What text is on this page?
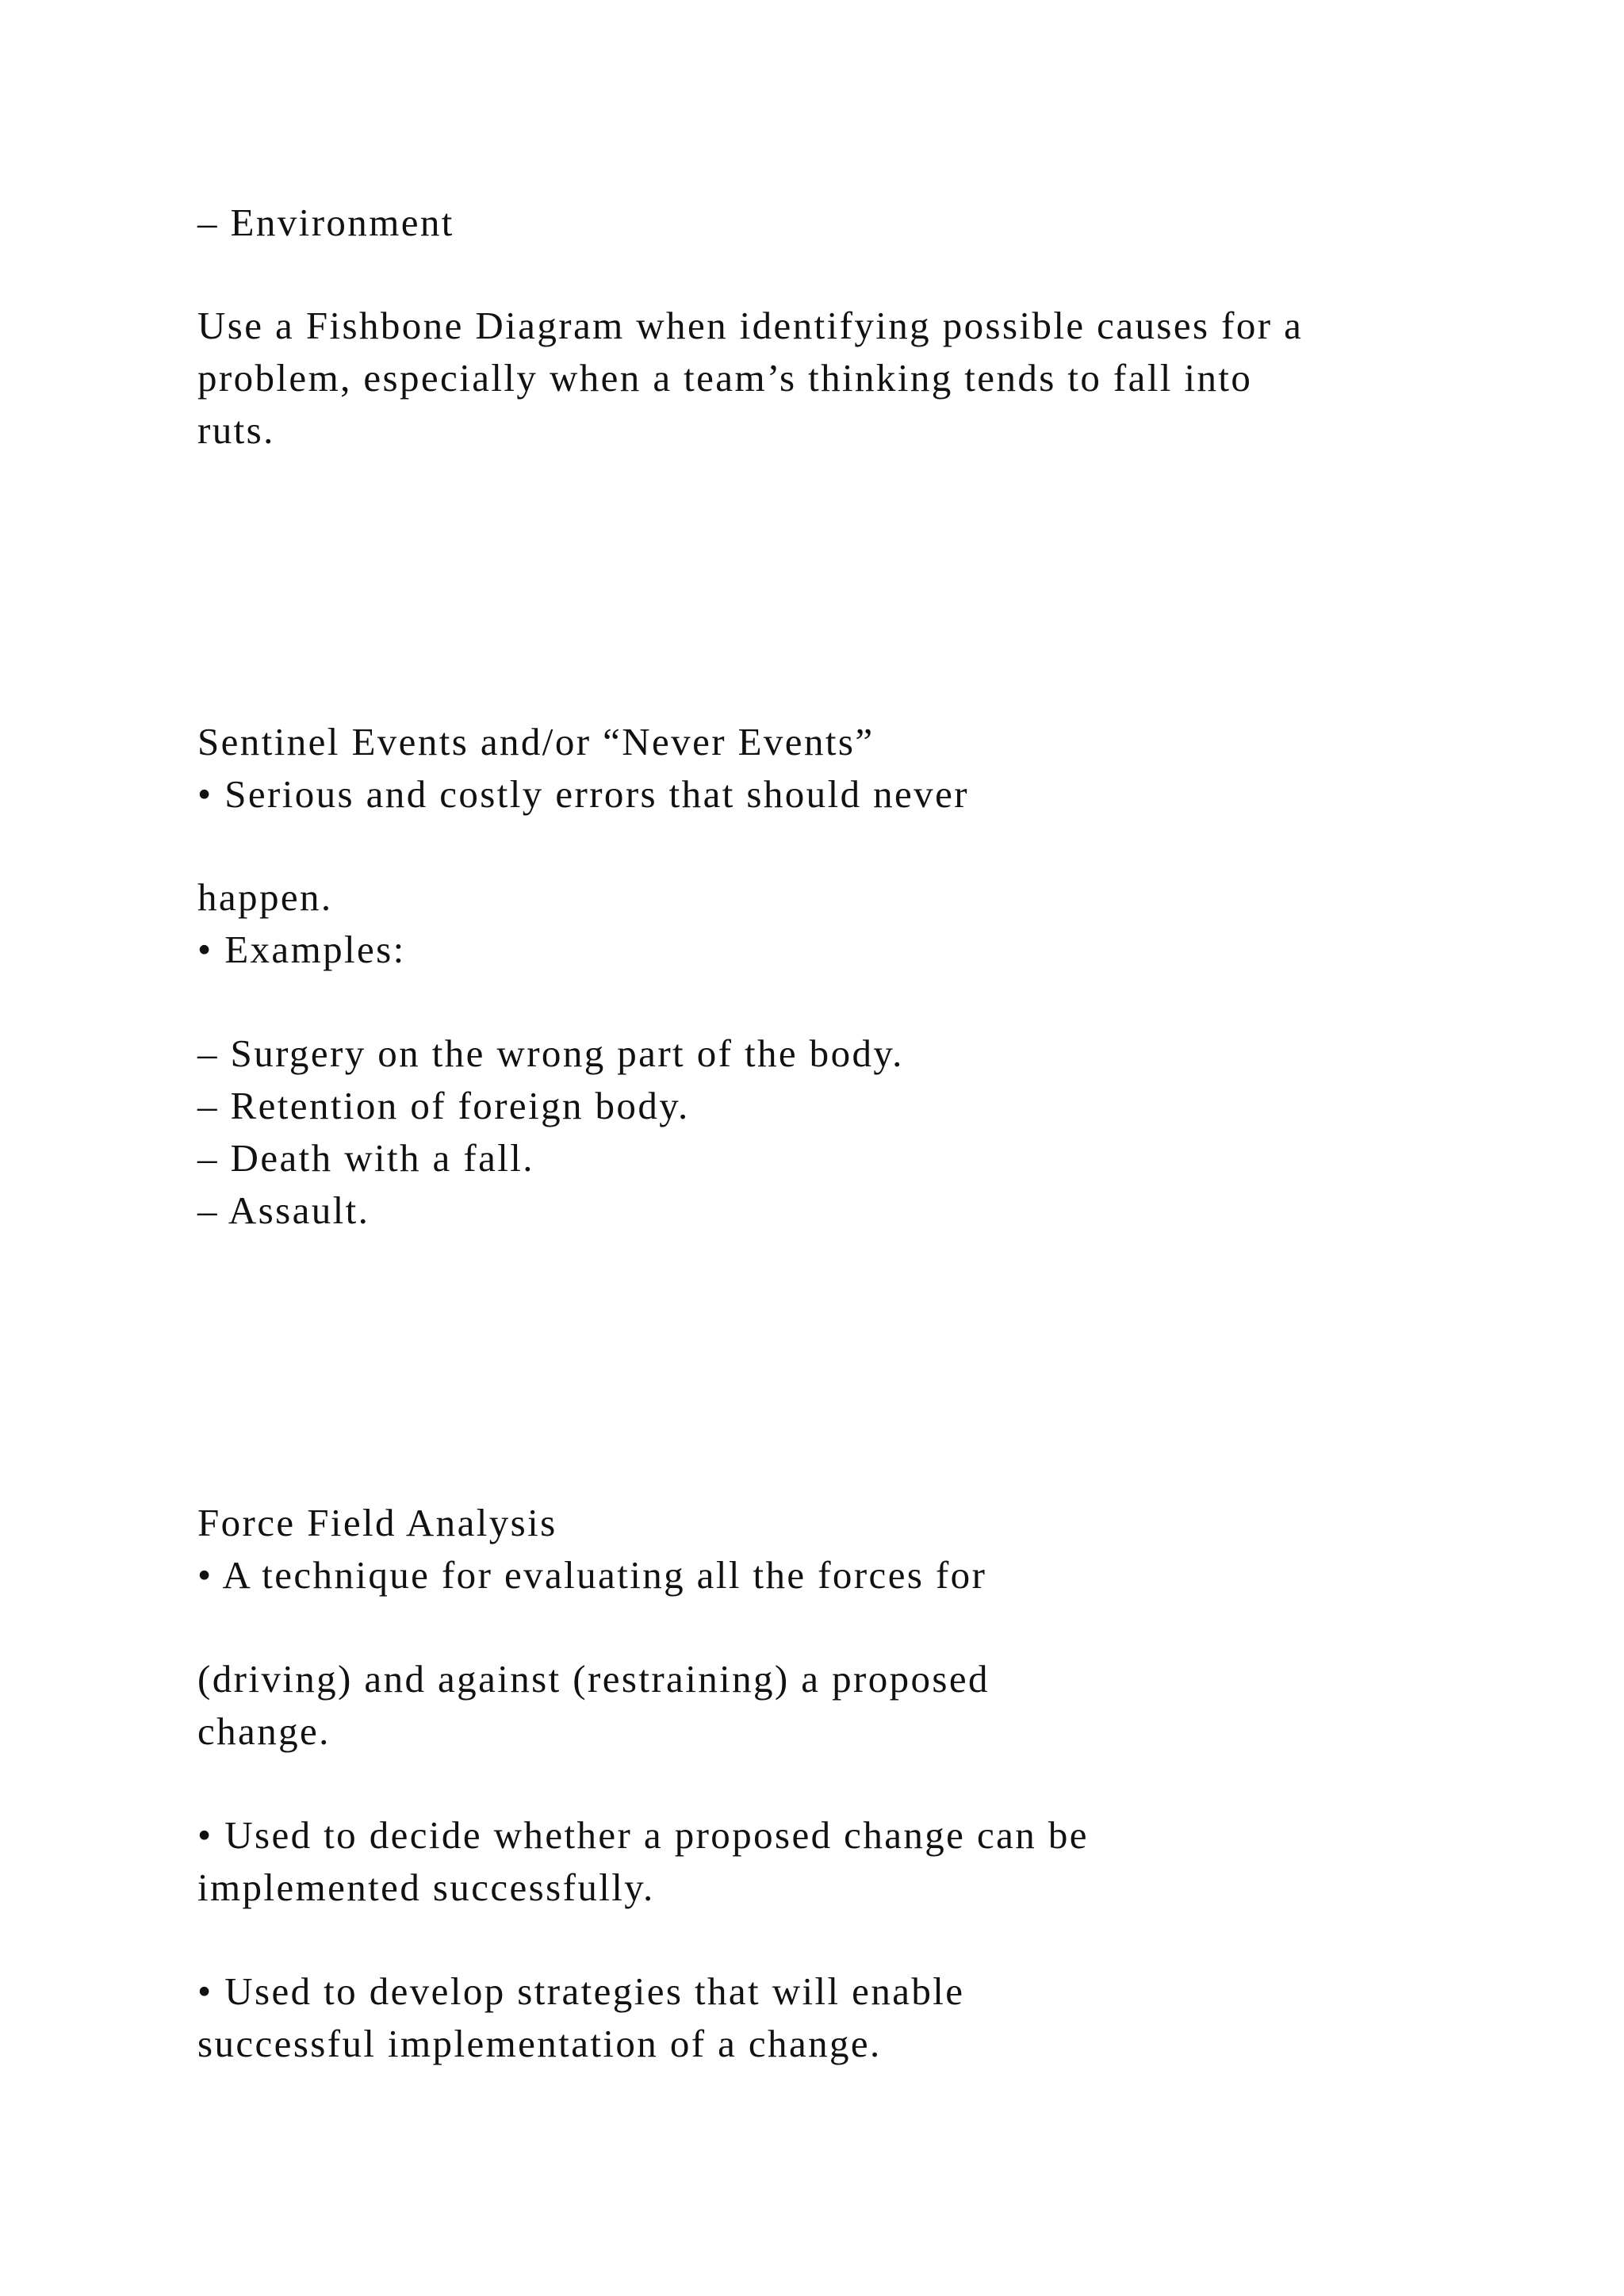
– Environment

Use a Fishbone Diagram when identifying possible causes for a

problem, especially when a team’s thinking tends to fall into

ruts.

Sentinel Events and/or “Never Events”

• Serious and costly errors that should never

happen.

• Examples:

– Surgery on the wrong part of the body.

– Retention of foreign body.

– Death with a fall.

– Assault.

Force Field Analysis

• A technique for evaluating all the forces for

(driving) and against (restraining) a proposed

change.

• Used to decide whether a proposed change can be

implemented successfully.

• Used to develop strategies that will enable

successful implementation of a change.
